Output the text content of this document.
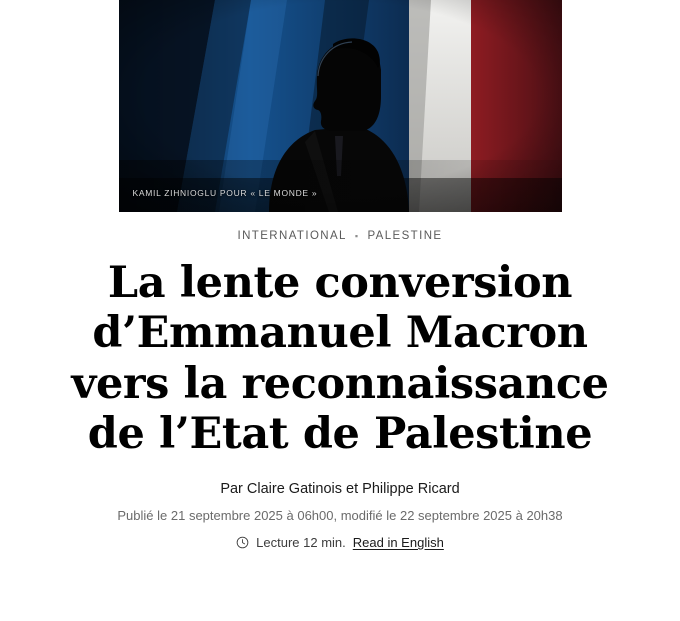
KAMIL ZIHNIOGLU POUR « LE MONDE »
INTERNATIONAL ▪ PALESTINE
La lente conversion d’Emmanuel Macron vers la reconnaissance de l’Etat de Palestine
Par Claire Gatinois et Philippe Ricard
Publié le 21 septembre 2025 à 06h00, modifié le 22 septembre 2025 à 20h38
Lecture 12 min. Read in English
